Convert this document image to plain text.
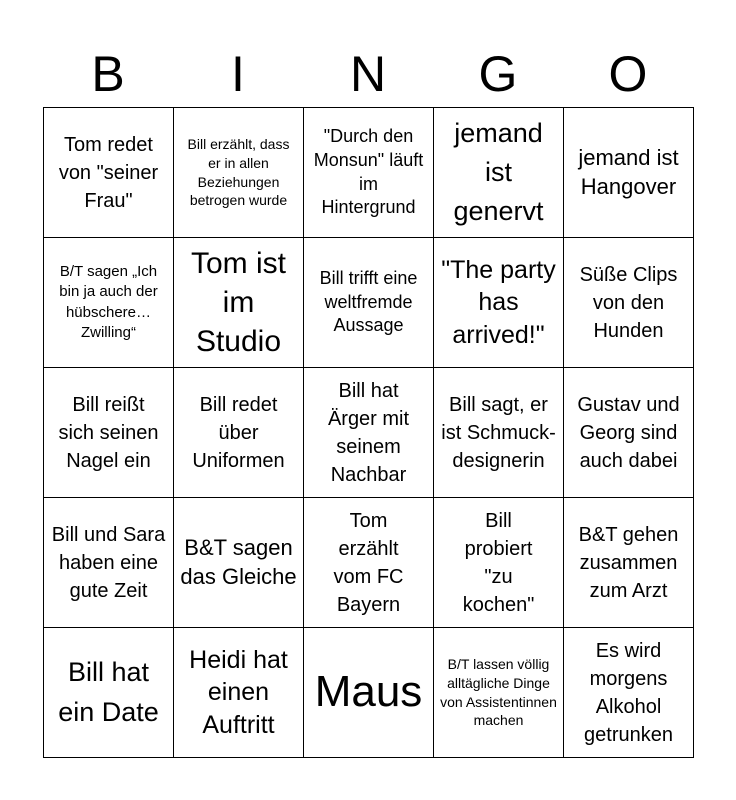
B	I	N	G	O
Tom redet von "seiner Frau"
Bill erzählt, dass er in allen Beziehungen betrogen wurde
"Durch den Monsun" läuft im Hintergrund
jemand ist genervt
jemand ist Hangover
B/T sagen „Ich bin ja auch der hübschere… Zwilling“
Tom ist im Studio
Bill trifft eine weltfremde Aussage
"The party has arrived!"
Süße Clips von den Hunden
Bill reißt sich seinen Nagel ein
Bill redet über Uniformen
Bill hat Ärger mit seinem Nachbar
Bill sagt, er ist Schmuck-designerin
Gustav und Georg sind auch dabei
Bill und Sara haben eine gute Zeit
B&T sagen das Gleiche
Tom erzählt vom FC Bayern
Bill probiert "zu kochen"
B&T gehen zusammen zum Arzt
Bill hat ein Date
Heidi hat einen Auftritt
Maus
B/T lassen völlig alltägliche Dinge von Assistentinnen machen
Es wird morgens Alkohol getrunken
